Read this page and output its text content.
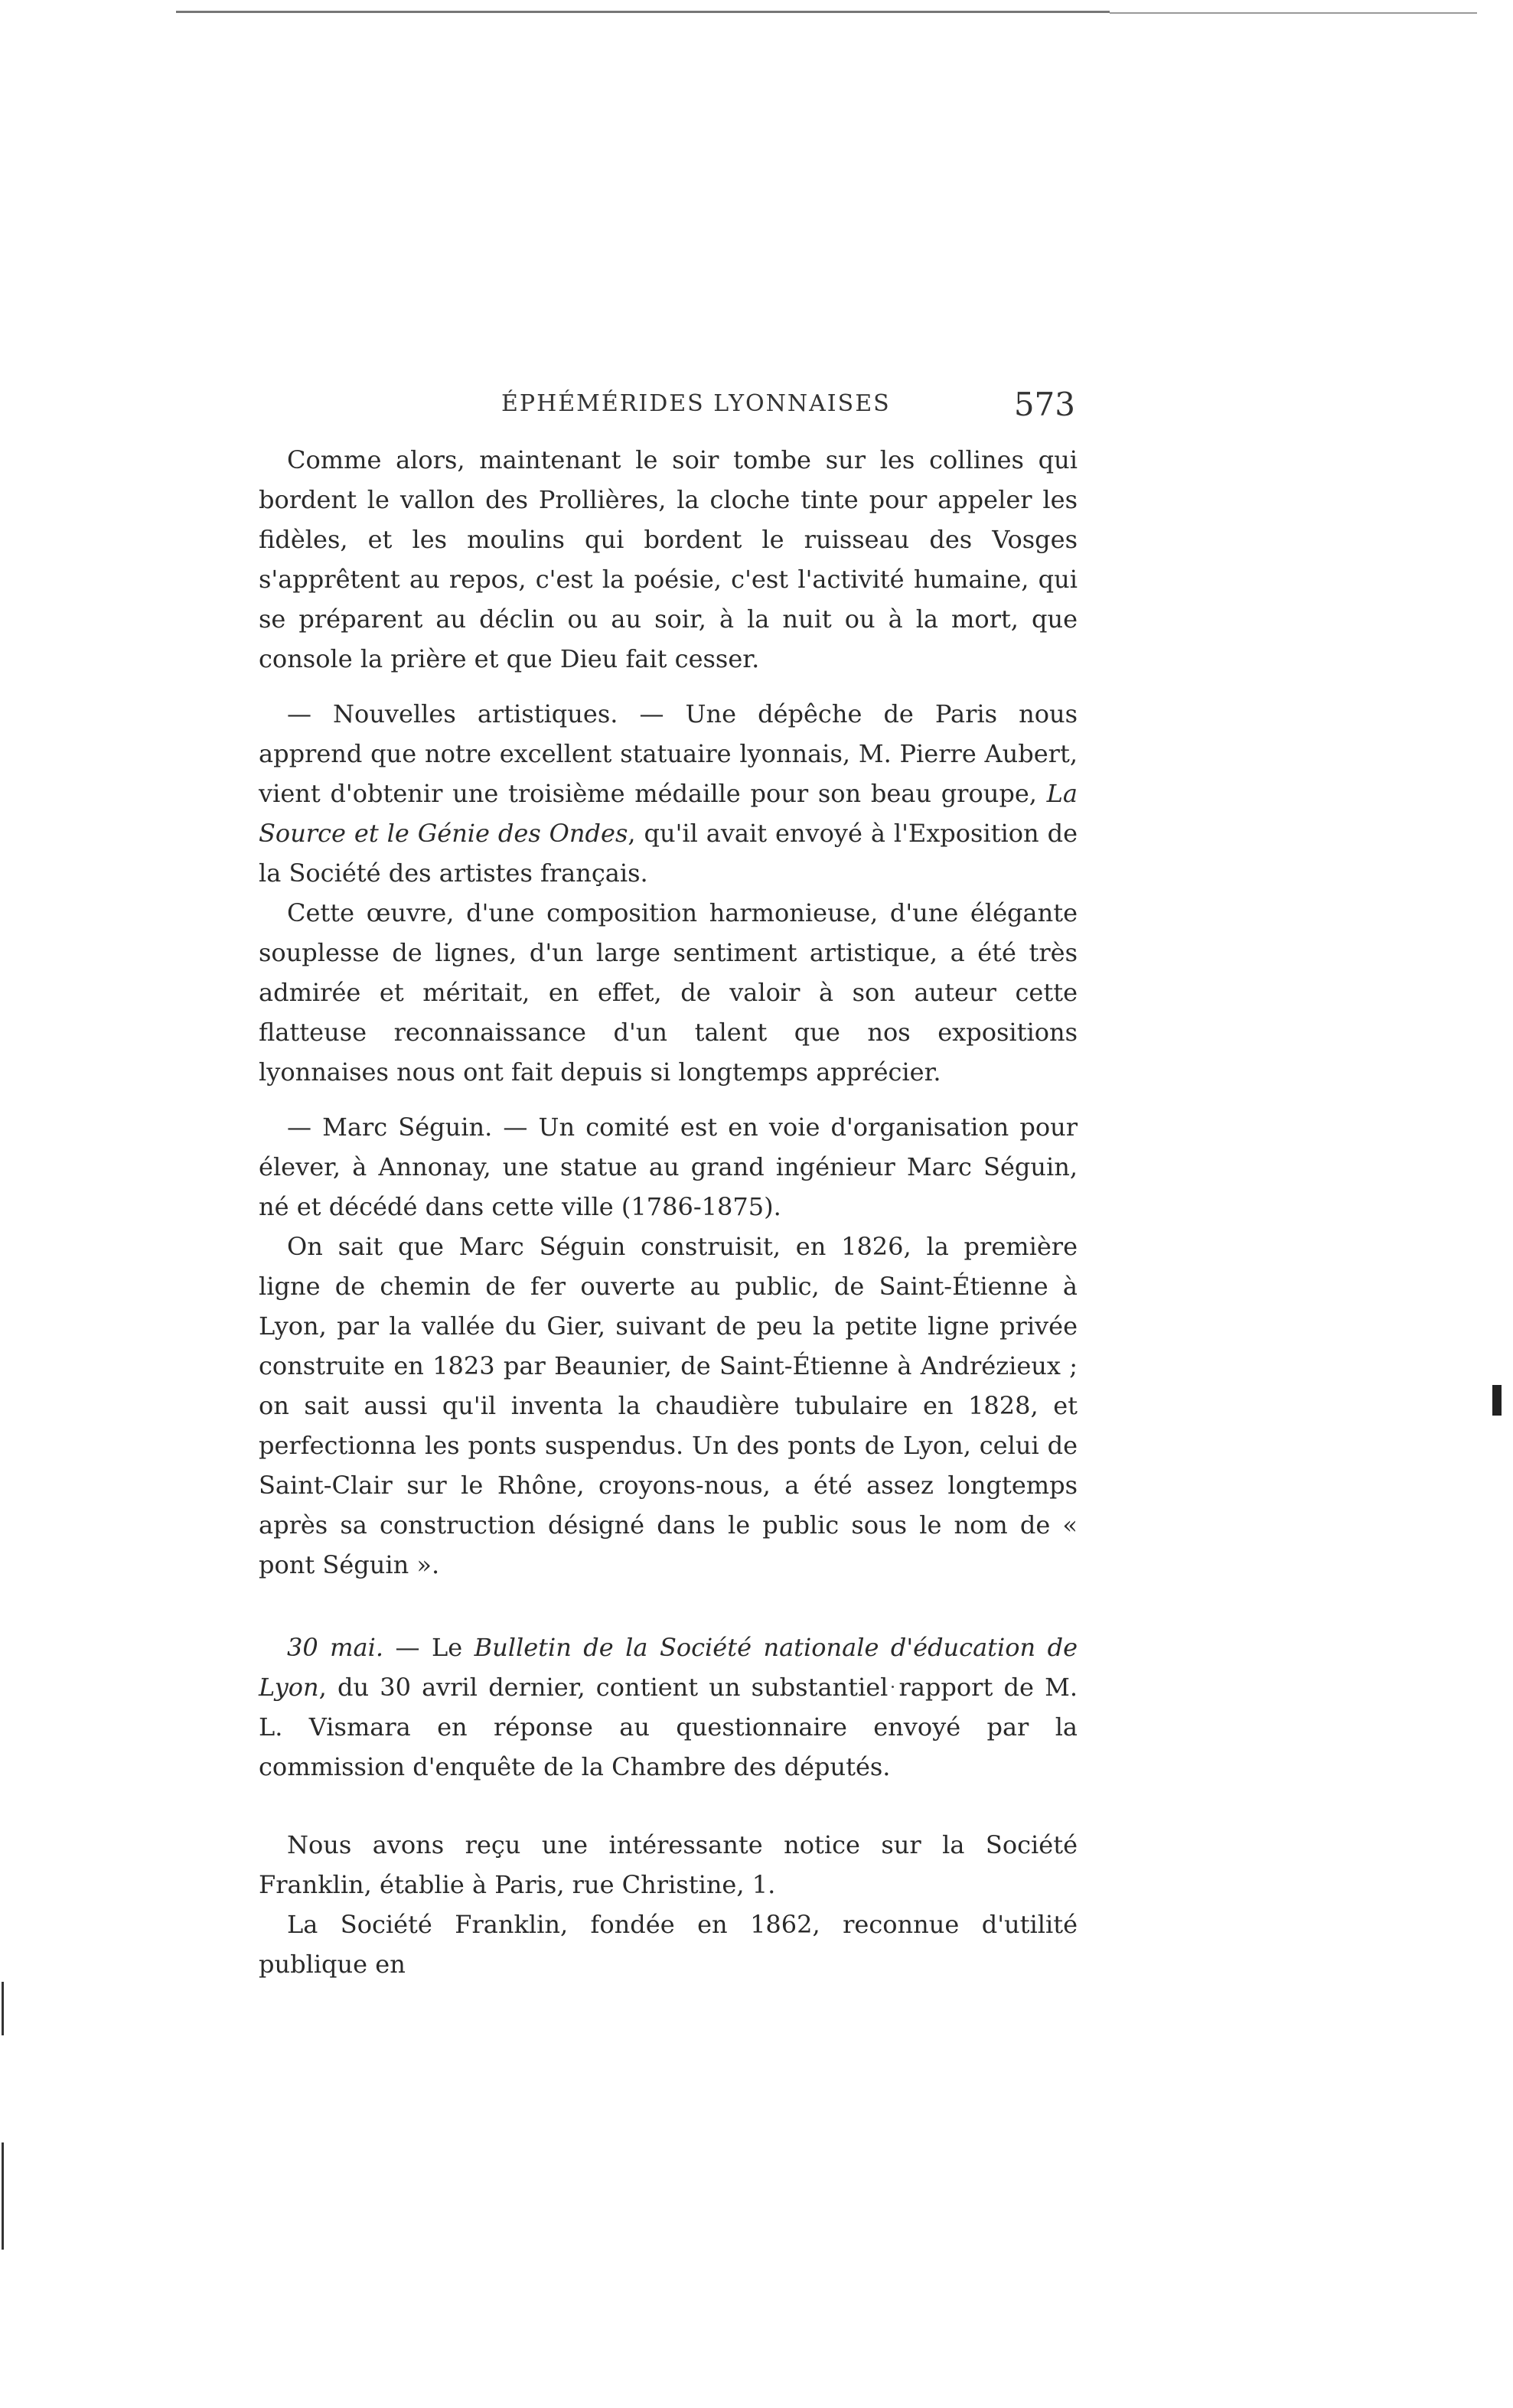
ÉPHÉMÉRIDES LYONNAISES	573

Comme alors, maintenant le soir tombe sur les collines qui bordent le vallon des Prollières, la cloche tinte pour appeler les fidèles, et les moulins qui bordent le ruisseau des Vosges s'apprêtent au repos, c'est la poésie, c'est l'activité humaine, qui se préparent au déclin ou au soir, à la nuit ou à la mort, que console la prière et que Dieu fait cesser.

— Nouvelles artistiques. — Une dépêche de Paris nous apprend que notre excellent statuaire lyonnais, M. Pierre Aubert, vient d'obtenir une troisième médaille pour son beau groupe, La Source et le Génie des Ondes, qu'il avait envoyé à l'Exposition de la Société des artistes français.

Cette œuvre, d'une composition harmonieuse, d'une élégante souplesse de lignes, d'un large sentiment artistique, a été très admirée et méritait, en effet, de valoir à son auteur cette flatteuse reconnaissance d'un talent que nos expositions lyonnaises nous ont fait depuis si longtemps apprécier.

— Marc Séguin. — Un comité est en voie d'organisation pour élever, à Annonay, une statue au grand ingénieur Marc Séguin, né et décédé dans cette ville (1786-1875).

On sait que Marc Séguin construisit, en 1826, la première ligne de chemin de fer ouverte au public, de Saint-Étienne à Lyon, par la vallée du Gier, suivant de peu la petite ligne privée construite en 1823 par Beaunier, de Saint-Étienne à Andrézieux ; on sait aussi qu'il inventa la chaudière tubulaire en 1828, et perfectionna les ponts suspendus. Un des ponts de Lyon, celui de Saint-Clair sur le Rhône, croyons-nous, a été assez longtemps après sa construction désigné dans le public sous le nom de « pont Séguin ».

30 mai. — Le Bulletin de la Société nationale d'éducation de Lyon, du 30 avril dernier, contient un substantiel rapport de M. L. Vismara en réponse au questionnaire envoyé par la commission d'enquête de la Chambre des députés.

Nous avons reçu une intéressante notice sur la Société Franklin, établie à Paris, rue Christine, 1.

La Société Franklin, fondée en 1862, reconnue d'utilité publique en
